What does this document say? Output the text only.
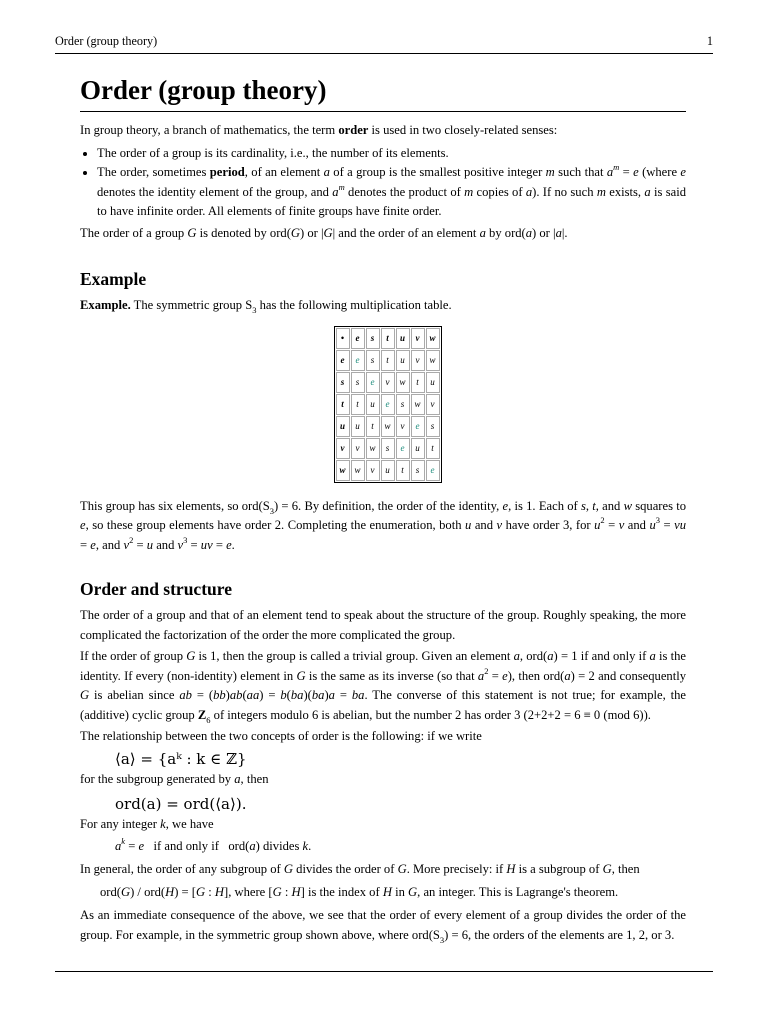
Order (group theory)	1
Order (group theory)

In group theory, a branch of mathematics, the term order is used in two closely-related senses:

• The order of a group is its cardinality, i.e., the number of its elements.
• The order, sometimes period, of an element a of a group is the smallest positive integer m such that $a^m = e$ (where e denotes the identity element of the group, and $a^m$ denotes the product of m copies of a). If no such m exists, a is said to have infinite order. All elements of finite groups have finite order.

The order of a group G is denoted by ord(G) or |G| and the order of an element a by ord(a) or |a|.

Example

Example. The symmetric group $S_3$ has the following multiplication table.

•	e	s	t	u	v	w
e	e	s	t	u	v	w
s	s	e	v	w	t	u
t	t	u	e	s	w	v
u	u	t	w	v	e	s
v	v	w	s	e	u	t
w	w	v	u	t	s	e

This group has six elements, so $ord(S_3) = 6$. By definition, the order of the identity, e, is 1. Each of s, t, and w squares to e, so these group elements have order 2. Completing the enumeration, both u and v have order 3, for $u^2 = v$ and $u^3$ = vu = e, and $v^2 = u$ and $v^3$ = uv = e.

Order and structure

The order of a group and that of an element tend to speak about the structure of the group. Roughly speaking, the more complicated the factorization of the order the more complicated the group.

If the order of group G is 1, then the group is called a trivial group. Given an element a, ord(a) = 1 if and only if a is the identity. If every (non-identity) element in G is the same as its inverse (so that $a^2 = e$), then ord(a) = 2 and consequently G is abelian since ab = (bb)ab(aa) = b(ba)(ba)a = ba. The converse of this statement is not true; for example, the (additive) cyclic group $Z_6$ of integers modulo 6 is abelian, but the number 2 has order 3 (2+2+2 = 6 ≡ 0 (mod 6)).

The relationship between the two concepts of order is the following: if we write

⟨a⟩ = {aᵏ : k ∈ ℤ}

for the subgroup generated by a, then

ord(a) = ord(⟨a⟩).

For any integer k, we have

$a^k = e$   if and only if   ord(a) divides k.

In general, the order of any subgroup of G divides the order of G. More precisely: if H is a subgroup of G, then

ord(G) / ord(H) = [G : H], where [G : H] is the index of H in G, an integer. This is Lagrange's theorem.

As an immediate consequence of the above, we see that the order of every element of a group divides the order of the group. For example, in the symmetric group shown above, where $ord(S_3) = 6$, the orders of the elements are 1, 2, or 3.
